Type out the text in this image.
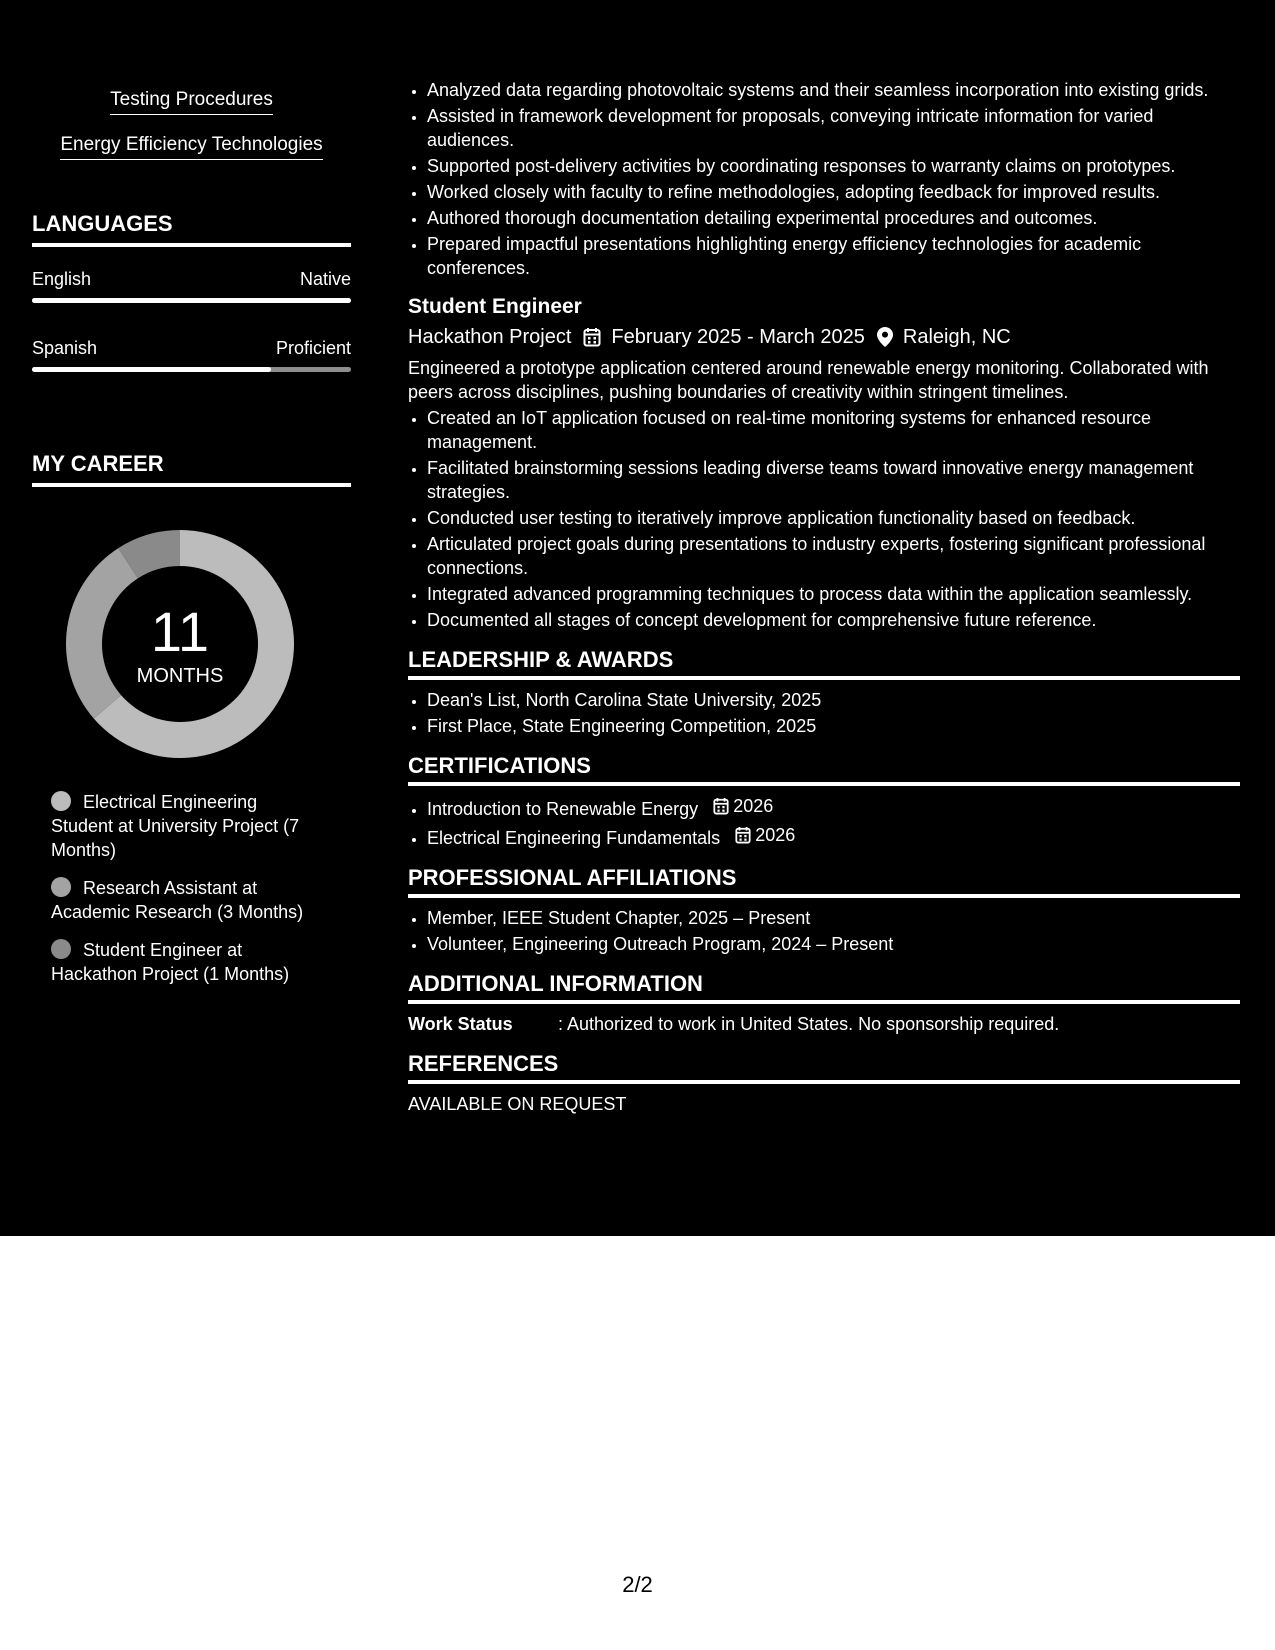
Testing Procedures
Energy Efficiency Technologies
LANGUAGES
English	Native
Spanish	Proficient
MY CAREER
11
MONTHS
Electrical Engineering Student at University Project (7 Months)
Research Assistant at Academic Research (3 Months)
Student Engineer at Hackathon Project (1 Months)
• Analyzed data regarding photovoltaic systems and their seamless incorporation into existing grids.
• Assisted in framework development for proposals, conveying intricate information for varied audiences.
• Supported post-delivery activities by coordinating responses to warranty claims on prototypes.
• Worked closely with faculty to refine methodologies, adopting feedback for improved results.
• Authored thorough documentation detailing experimental procedures and outcomes.
• Prepared impactful presentations highlighting energy efficiency technologies for academic conferences.
Student Engineer
Hackathon Project February 2025 - March 2025 Raleigh, NC
Engineered a prototype application centered around renewable energy monitoring. Collaborated with peers across disciplines, pushing boundaries of creativity within stringent timelines.
• Created an IoT application focused on real-time monitoring systems for enhanced resource management.
• Facilitated brainstorming sessions leading diverse teams toward innovative energy management strategies.
• Conducted user testing to iteratively improve application functionality based on feedback.
• Articulated project goals during presentations to industry experts, fostering significant professional connections.
• Integrated advanced programming techniques to process data within the application seamlessly.
• Documented all stages of concept development for comprehensive future reference.
LEADERSHIP & AWARDS
• Dean's List, North Carolina State University, 2025
• First Place, State Engineering Competition, 2025
CERTIFICATIONS
• Introduction to Renewable Energy 2026
• Electrical Engineering Fundamentals 2026
PROFESSIONAL AFFILIATIONS
• Member, IEEE Student Chapter, 2025 – Present
• Volunteer, Engineering Outreach Program, 2024 – Present
ADDITIONAL INFORMATION
Work Status	: Authorized to work in United States. No sponsorship required.
REFERENCES
AVAILABLE ON REQUEST
2/2
